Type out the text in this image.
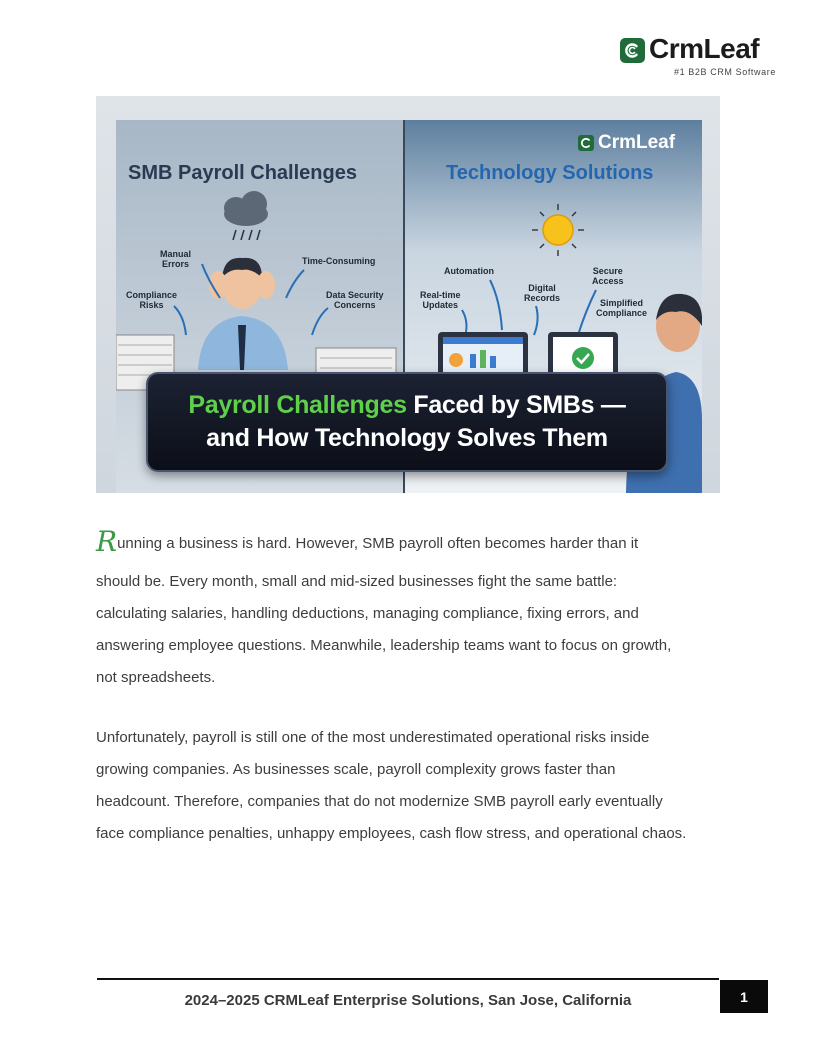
CrmLeaf
#1 B2B CRM Software
CrmLeaf
SMB Payroll Challenges	Technology Solutions
Manual
Errors
Compliance
Risks
Time-Consuming
Data Security
Concerns
Automation
Real-time
Updates
Digital
Records
Secure
Access
Simplified
Compliance
Payroll Challenges Faced by SMBs —
and How Technology Solves Them
Running a business is hard. However, SMB payroll often becomes harder than it
should be. Every month, small and mid-sized businesses fight the same battle:
calculating salaries, handling deductions, managing compliance, fixing errors, and
answering employee questions. Meanwhile, leadership teams want to focus on growth,
not spreadsheets.
Unfortunately, payroll is still one of the most underestimated operational risks inside
growing companies. As businesses scale, payroll complexity grows faster than
headcount. Therefore, companies that do not modernize SMB payroll early eventually
face compliance penalties, unhappy employees, cash flow stress, and operational chaos.
2024–2025 CRMLeaf Enterprise Solutions, San Jose, California	1
